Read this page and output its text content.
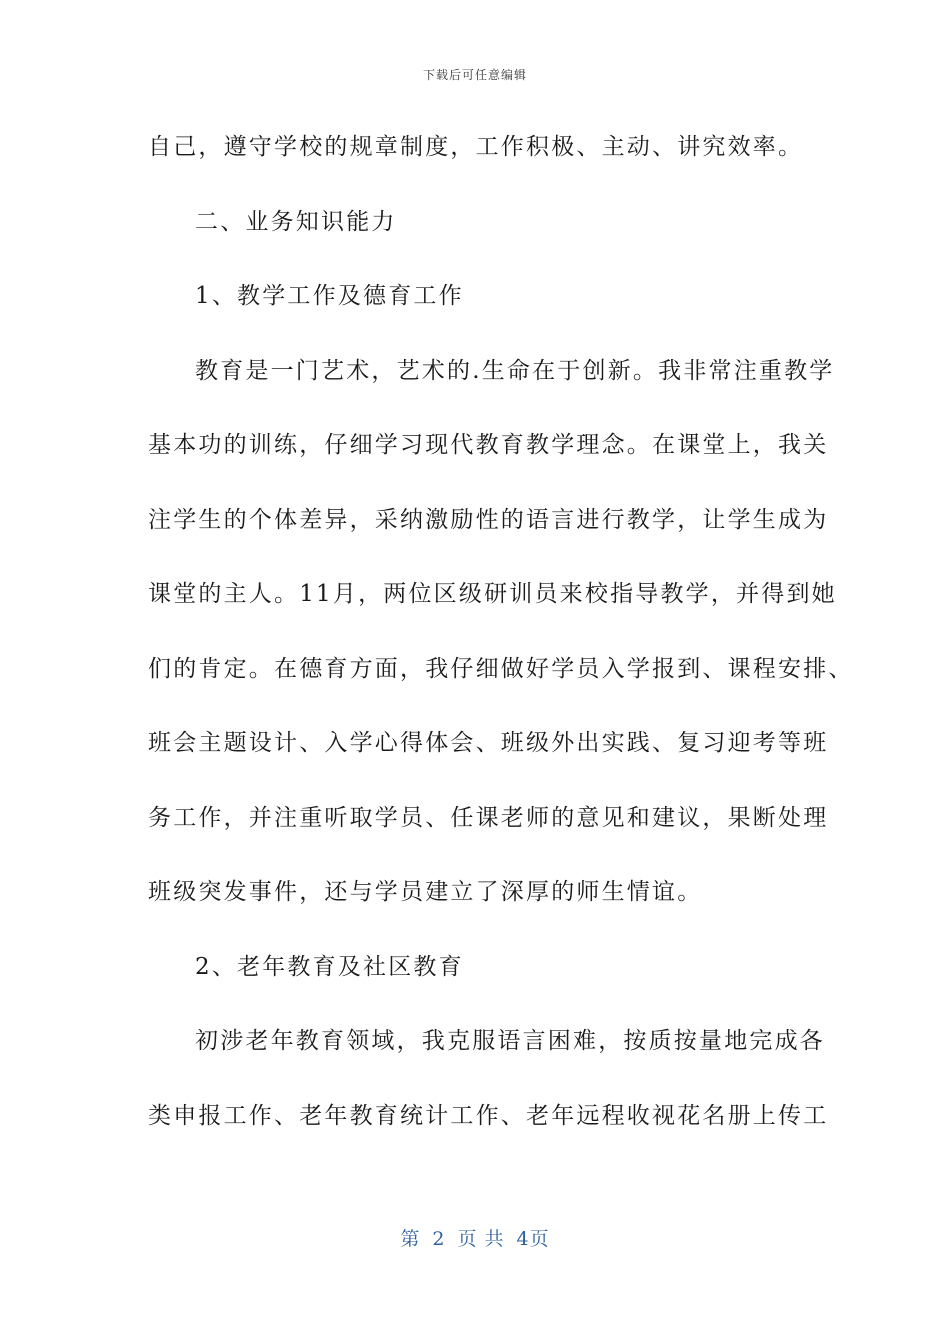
下载后可任意编辑
自己，遵守学校的规章制度，工作积极、主动、讲究效率。
二、业务知识能力
1、教学工作及德育工作
教育是一门艺术，艺术的.生命在于创新。我非常注重教学
基本功的训练，仔细学习现代教育教学理念。在课堂上，我关
注学生的个体差异，采纳激励性的语言进行教学，让学生成为
课堂的主人。11月，两位区级研训员来校指导教学，并得到她
们的肯定。在德育方面，我仔细做好学员入学报到、课程安排、
班会主题设计、入学心得体会、班级外出实践、复习迎考等班
务工作，并注重听取学员、任课老师的意见和建议，果断处理
班级突发事件，还与学员建立了深厚的师生情谊。
2、老年教育及社区教育
初涉老年教育领域，我克服语言困难，按质按量地完成各
类申报工作、老年教育统计工作、老年远程收视花名册上传工
第 2 页 共 4页
